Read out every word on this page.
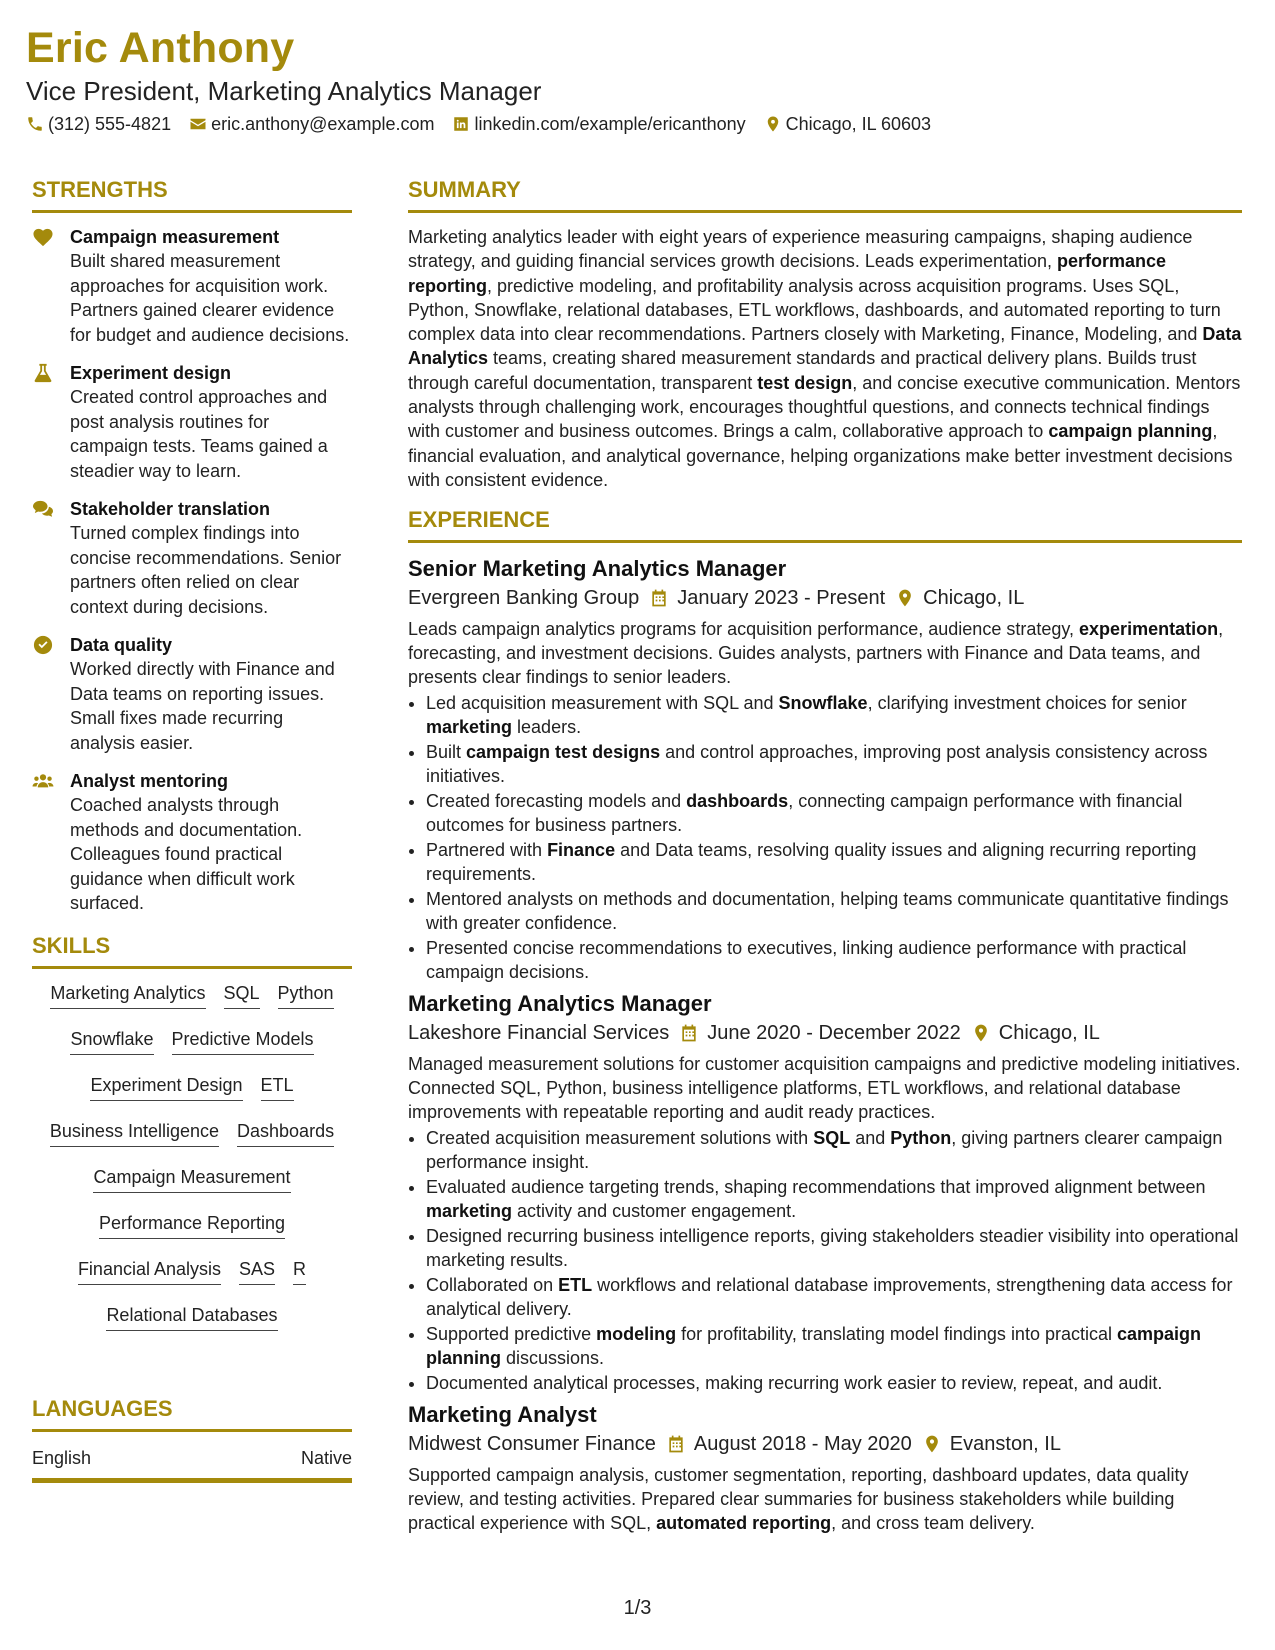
Eric Anthony
Vice President, Marketing Analytics Manager
(312) 555-4821 eric.anthony@example.com linkedin.com/example/ericanthony Chicago, IL 60603
STRENGTHS
Campaign measurement
Built shared measurement approaches for acquisition work. Partners gained clearer evidence for budget and audience decisions.
Experiment design
Created control approaches and post analysis routines for campaign tests. Teams gained a steadier way to learn.
Stakeholder translation
Turned complex findings into concise recommendations. Senior partners often relied on clear context during decisions.
Data quality
Worked directly with Finance and Data teams on reporting issues. Small fixes made recurring analysis easier.
Analyst mentoring
Coached analysts through methods and documentation. Colleagues found practical guidance when difficult work surfaced.
SKILLS
Marketing Analytics SQL Python
Snowflake Predictive Models
Experiment Design ETL
Business Intelligence Dashboards
Campaign Measurement
Performance Reporting
Financial Analysis SAS R
Relational Databases
LANGUAGES
English	Native
SUMMARY
Marketing analytics leader with eight years of experience measuring campaigns, shaping audience strategy, and guiding financial services growth decisions. Leads experimentation, performance reporting, predictive modeling, and profitability analysis across acquisition programs. Uses SQL, Python, Snowflake, relational databases, ETL workflows, dashboards, and automated reporting to turn complex data into clear recommendations. Partners closely with Marketing, Finance, Modeling, and Data Analytics teams, creating shared measurement standards and practical delivery plans. Builds trust through careful documentation, transparent test design, and concise executive communication. Mentors analysts through challenging work, encourages thoughtful questions, and connects technical findings with customer and business outcomes. Brings a calm, collaborative approach to campaign planning, financial evaluation, and analytical governance, helping organizations make better investment decisions with consistent evidence.
EXPERIENCE
Senior Marketing Analytics Manager
Evergreen Banking Group January 2023 - Present Chicago, IL
Leads campaign analytics programs for acquisition performance, audience strategy, experimentation, forecasting, and investment decisions. Guides analysts, partners with Finance and Data teams, and presents clear findings to senior leaders.
• Led acquisition measurement with SQL and Snowflake, clarifying investment choices for senior marketing leaders.
• Built campaign test designs and control approaches, improving post analysis consistency across initiatives.
• Created forecasting models and dashboards, connecting campaign performance with financial outcomes for business partners.
• Partnered with Finance and Data teams, resolving quality issues and aligning recurring reporting requirements.
• Mentored analysts on methods and documentation, helping teams communicate quantitative findings with greater confidence.
• Presented concise recommendations to executives, linking audience performance with practical campaign decisions.
Marketing Analytics Manager
Lakeshore Financial Services June 2020 - December 2022 Chicago, IL
Managed measurement solutions for customer acquisition campaigns and predictive modeling initiatives. Connected SQL, Python, business intelligence platforms, ETL workflows, and relational database improvements with repeatable reporting and audit ready practices.
• Created acquisition measurement solutions with SQL and Python, giving partners clearer campaign performance insight.
• Evaluated audience targeting trends, shaping recommendations that improved alignment between marketing activity and customer engagement.
• Designed recurring business intelligence reports, giving stakeholders steadier visibility into operational marketing results.
• Collaborated on ETL workflows and relational database improvements, strengthening data access for analytical delivery.
• Supported predictive modeling for profitability, translating model findings into practical campaign planning discussions.
• Documented analytical processes, making recurring work easier to review, repeat, and audit.
Marketing Analyst
Midwest Consumer Finance August 2018 - May 2020 Evanston, IL
Supported campaign analysis, customer segmentation, reporting, dashboard updates, data quality review, and testing activities. Prepared clear summaries for business stakeholders while building practical experience with SQL, automated reporting, and cross team delivery.
1/3
